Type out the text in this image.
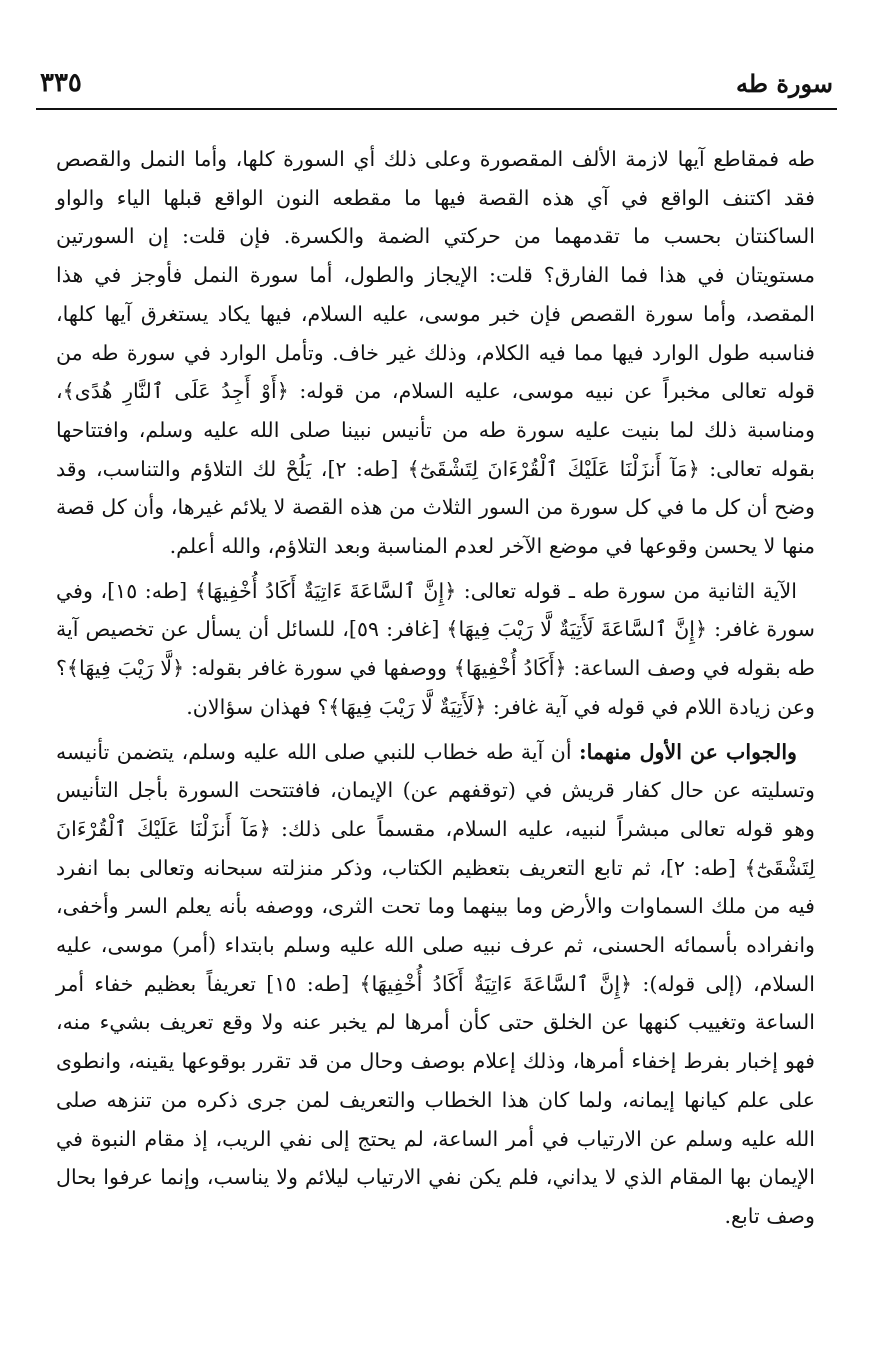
٣٣٥	سورة طه

طه فمقاطع آيها لازمة الألف المقصورة وعلى ذلك أي السورة كلها، وأما النمل والقصص فقد اكتنف الواقع في آي هذه القصة فيها ما مقطعه النون الواقع قبلها الياء والواو الساكنتان بحسب ما تقدمهما من حركتي الضمة والكسرة. فإن قلت: إن السورتين مستويتان في هذا فما الفارق؟ قلت: الإيجاز والطول، أما سورة النمل فأوجز في هذا المقصد، وأما سورة القصص فإن خبر موسى، عليه السلام، فيها يكاد يستغرق آيها كلها، فناسبه طول الوارد فيها مما فيه الكلام، وذلك غير خاف. وتأمل الوارد في سورة طه من قوله تعالى مخبراً عن نبيه موسى، عليه السلام، من قوله: ﴿أَوْ أَجِدُ عَلَى ٱلنَّارِ هُدًى﴾، ومناسبة ذلك لما بنيت عليه سورة طه من تأنيس نبينا صلى الله عليه وسلم، وافتتاحها بقوله تعالى: ﴿مَآ أَنزَلْنَا عَلَيْكَ ٱلْقُرْءَانَ لِتَشْقَىٰٓ﴾ [طه: ٢]، يَلُحْ لك التلاؤم والتناسب، وقد وضح أن كل ما في كل سورة من السور الثلاث من هذه القصة لا يلائم غيرها، وأن كل قصة منها لا يحسن وقوعها في موضع الآخر لعدم المناسبة وبعد التلاؤم، والله أعلم.

الآية الثانية من سورة طه ـ قوله تعالى: ﴿إِنَّ ٱلسَّاعَةَ ءَاتِيَةٌ أَكَادُ أُخْفِيهَا﴾ [طه: ١٥]، وفي سورة غافر: ﴿إِنَّ ٱلسَّاعَةَ لَأَتِيَةٌ لَّا رَيْبَ فِيهَا﴾ [غافر: ٥٩]، للسائل أن يسأل عن تخصيص آية طه بقوله في وصف الساعة: ﴿أَكَادُ أُخْفِيهَا﴾ ووصفها في سورة غافر بقوله: ﴿لَّا رَيْبَ فِيهَا﴾؟ وعن زيادة اللام في قوله في آية غافر: ﴿لَأَتِيَةٌ لَّا رَيْبَ فِيهَا﴾؟ فهذان سؤالان.

والجواب عن الأول منهما: أن آية طه خطاب للنبي صلى الله عليه وسلم، يتضمن تأنيسه وتسليته عن حال كفار قريش في (توقفهم عن) الإيمان، فافتتحت السورة بأجل التأنيس وهو قوله تعالى مبشراً لنبيه، عليه السلام، مقسماً على ذلك: ﴿مَآ أَنزَلْنَا عَلَيْكَ ٱلْقُرْءَانَ لِتَشْقَىٰٓ﴾ [طه: ٢]، ثم تابع التعريف بتعظيم الكتاب، وذكر منزلته سبحانه وتعالى بما انفرد فيه من ملك السماوات والأرض وما بينهما وما تحت الثرى، ووصفه بأنه يعلم السر وأخفى، وانفراده بأسمائه الحسنى، ثم عرف نبيه صلى الله عليه وسلم بابتداء (أمر) موسى، عليه السلام، (إلى قوله): ﴿إِنَّ ٱلسَّاعَةَ ءَاتِيَةٌ أَكَادُ أُخْفِيهَا﴾ [طه: ١٥] تعريفاً بعظيم خفاء أمر الساعة وتغييب كنهها عن الخلق حتى كأن أمرها لم يخبر عنه ولا وقع تعريف بشيء منه، فهو إخبار بفرط إخفاء أمرها، وذلك إعلام بوصف وحال من قد تقرر بوقوعها يقينه، وانطوى على علم كيانها إيمانه، ولما كان هذا الخطاب والتعريف لمن جرى ذكره من تنزهه صلى الله عليه وسلم عن الارتياب في أمر الساعة، لم يحتج إلى نفي الريب، إذ مقام النبوة في الإيمان بها المقام الذي لا يداني، فلم يكن نفي الارتياب ليلائم ولا يناسب، وإنما عرفوا بحال وصف تابع.
